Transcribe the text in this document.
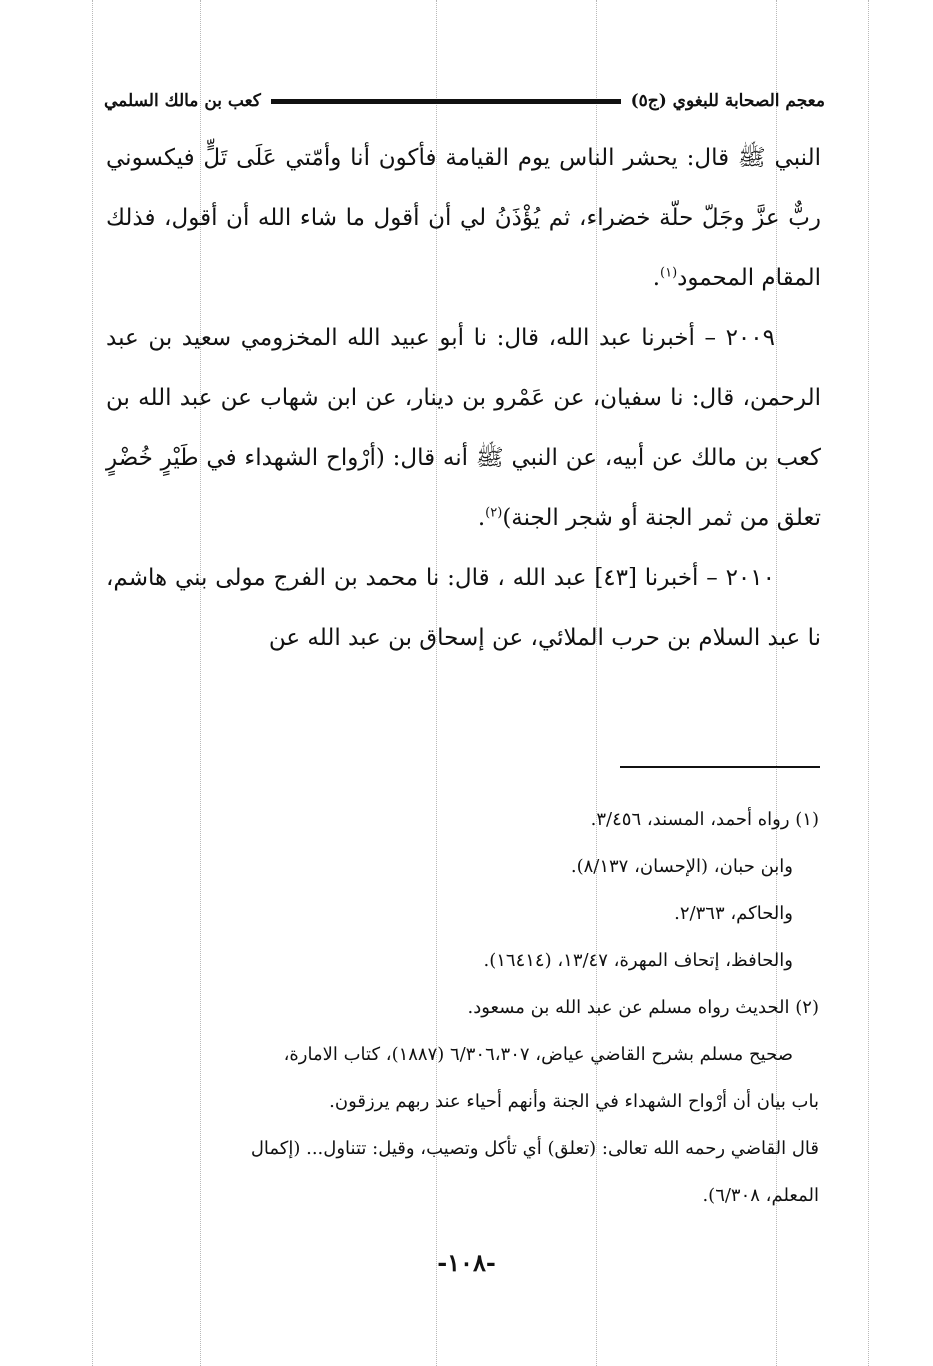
معجم الصحابة للبغوي (ج٥)
كعب بن مالك السلمي

النبي ﷺ قال: يحشر الناس يوم القيامة فأكون أنا وأمّتي عَلَى تَلٍّ فيكسوني ربٌّ عزَّ وجَلّ حلّة خضراء، ثم يُؤْذَنُ لي أن أقول ما شاء الله أن أقول، فذلك المقام المحمود$^{(١)}$.

  ٢٠٠٩ – أخبرنا عبد الله، قال: نا أبو عبيد الله المخزومي سعيد بن عبد الرحمن، قال: نا سفيان، عن عَمْرو بن دينار، عن ابن شهاب عن عبد الله بن كعب بن مالك عن أبيه، عن النبي ﷺ أنه قال: (أرْواح الشهداء في طَيْرٍ خُضْرٍ تعلق من ثمر الجنة أو شجر الجنة)$^{(٢)}$.

  ٢٠١٠ – أخبرنا [٤٣] عبد الله ، قال: نا محمد بن الفرج مولى بني هاشم، نا عبد السلام بن حرب الملائي، عن إسحاق بن عبد الله عن

(١) رواه أحمد، المسند، ٣/٤٥٦.
وابن حبان، (الإحسان، ٨/١٣٧).
والحاكم، ٢/٣٦٣.
والحافظ، إتحاف المهرة، ١٣/٤٧، (١٦٤١٤).
(٢) الحديث رواه مسلم عن عبد الله بن مسعود.
صحيح مسلم بشرح القاضي عياض، ٦/٣٠٦،٣٠٧ (١٨٨٧)، كتاب الامارة،
باب بيان أن أرْواح الشهداء في الجنة وأنهم أحياء عند ربهم يرزقون.
قال القاضي رحمه الله تعالى: (تعلق) أي تأكل وتصيب، وقيل: تتناول... (إكمال
المعلم، ٦/٣٠٨).
-١٠٨-
